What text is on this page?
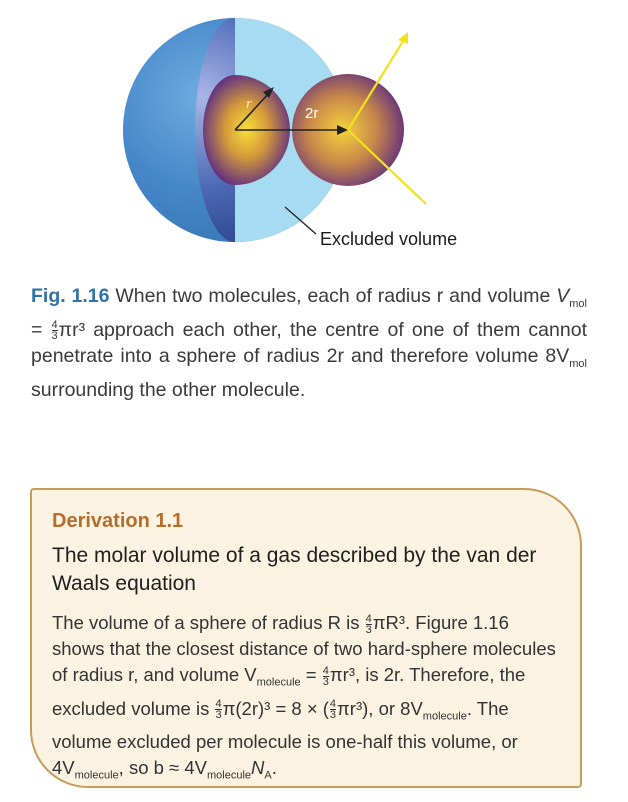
r
2r
Excluded volume
Fig. 1.16 When two molecules, each of radius r and volume $V_{mol} = \frac{4}{3} \pi r^3$ approach each other, the centre of one of them cannot penetrate into a sphere of radius 2r and therefore volume $8V_{mol}$ surrounding the other molecule.
Derivation 1.1
The molar volume of a gas described by the van der Waals equation
The volume of a sphere of radius R is $\frac{4}{3} \pi R^3$. Figure 1.16 shows that the closest distance of two hard-sphere molecules of radius r, and volume $V_{molecule} = \frac{4}{3} \pi r^3$, is 2r. Therefore, the excluded volume is $\frac{4}{3} \pi(2r)^3 = 8$ × ( $\frac{4}{3} \pi r^3$), or $8V_{molecule}$. The volume excluded per molecule is one-half this volume, or $4V_{molecule}$, so $b \approx 4V_{molecule}N_A$.
